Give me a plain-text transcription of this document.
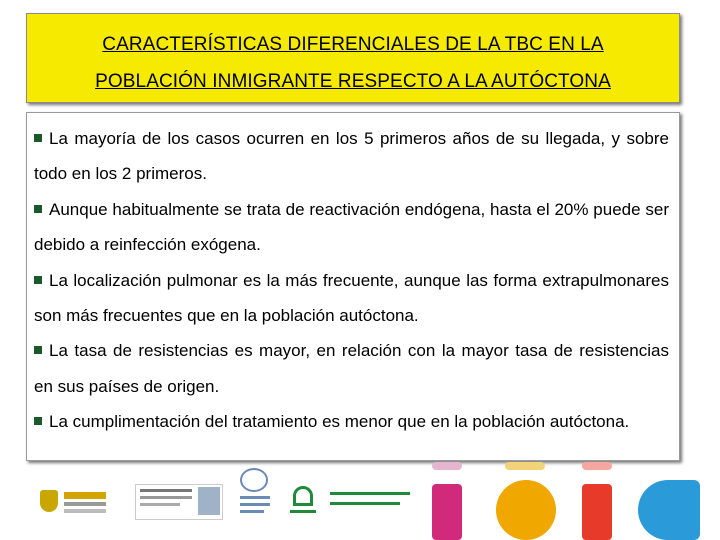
CARACTERÍSTICAS DIFERENCIALES DE LA TBC EN LA
POBLACIÓN INMIGRANTE RESPECTO A LA AUTÓCTONA

La mayoría de los casos ocurren en los 5 primeros años de su llegada, y sobre todo en los 2 primeros.

Aunque habitualmente se trata de reactivación endógena, hasta el 20% puede ser debido a reinfección exógena.

La localización pulmonar es la más frecuente, aunque las forma extrapulmonares son más frecuentes que en la población autóctona.

La tasa de resistencias es mayor, en relación con la mayor tasa de resistencias en sus países de origen.

La cumplimentación del tratamiento es menor que en la población autóctona.
